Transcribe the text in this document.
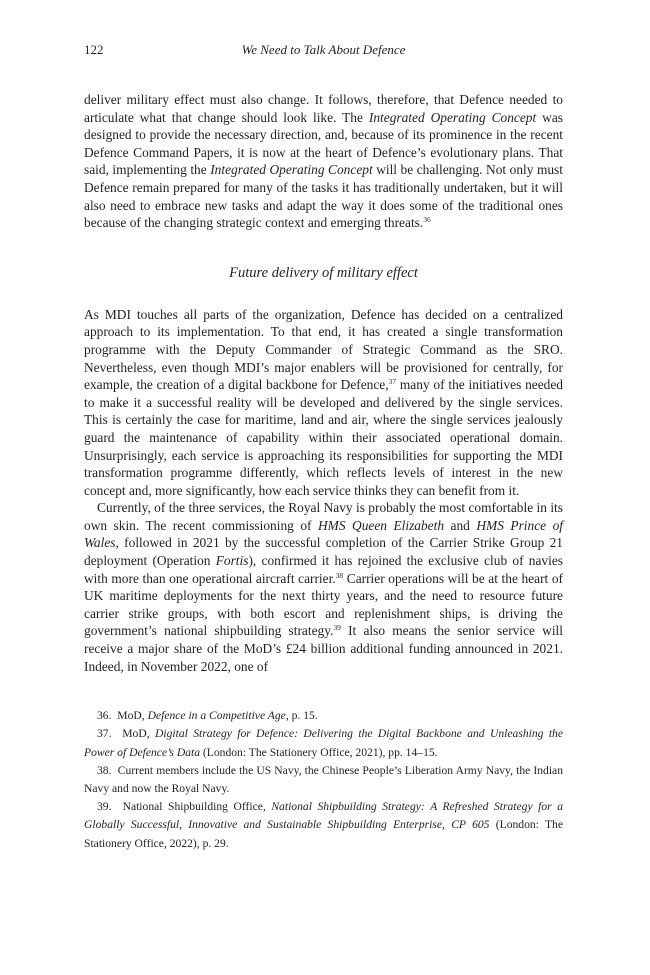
122	We Need to Talk About Defence

deliver military effect must also change. It follows, therefore, that Defence needed to articulate what that change should look like. The Integrated Operating Concept was designed to provide the necessary direction, and, because of its prominence in the recent Defence Command Papers, it is now at the heart of Defence’s evolutionary plans. That said, implementing the Integrated Operating Concept will be challenging. Not only must Defence remain prepared for many of the tasks it has traditionally undertaken, but it will also need to embrace new tasks and adapt the way it does some of the traditional ones because of the changing strategic context and emerging threats.$^{36}$

Future delivery of military effect

As MDI touches all parts of the organization, Defence has decided on a centralized approach to its implementation. To that end, it has created a single transformation programme with the Deputy Commander of Strategic Command as the SRO. Nevertheless, even though MDI’s major enablers will be provisioned for centrally, for example, the creation of a digital backbone for Defence,$^{37}$ many of the initiatives needed to make it a successful reality will be developed and delivered by the single services. This is certainly the case for maritime, land and air, where the single services jealously guard the maintenance of capability within their associated operational domain. Unsurprisingly, each service is approaching its responsibilities for supporting the MDI transformation programme differently, which reflects levels of interest in the new concept and, more significantly, how each service thinks they can benefit from it.

Currently, of the three services, the Royal Navy is probably the most comfortable in its own skin. The recent commissioning of HMS Queen Elizabeth and HMS Prince of Wales, followed in 2021 by the successful completion of the Carrier Strike Group 21 deployment (Operation Fortis), confirmed it has rejoined the exclusive club of navies with more than one operational aircraft carrier.$^{38}$ Carrier operations will be at the heart of UK maritime deployments for the next thirty years, and the need to resource future carrier strike groups, with both escort and replenishment ships, is driving the government’s national shipbuilding strategy.$^{39}$ It also means the senior service will receive a major share of the MoD’s £24 billion additional funding announced in 2021. Indeed, in November 2022, one of

36.  MoD, Defence in a Competitive Age, p. 15.

37.  MoD, Digital Strategy for Defence: Delivering the Digital Backbone and Unleashing the Power of Defence’s Data (London: The Stationery Office, 2021), pp. 14–15.

38.  Current members include the US Navy, the Chinese People’s Liberation Army Navy, the Indian Navy and now the Royal Navy.

39.  National Shipbuilding Office, National Shipbuilding Strategy: A Refreshed Strategy for a Globally Successful, Innovative and Sustainable Shipbuilding Enterprise, CP 605 (London: The Stationery Office, 2022), p. 29.
